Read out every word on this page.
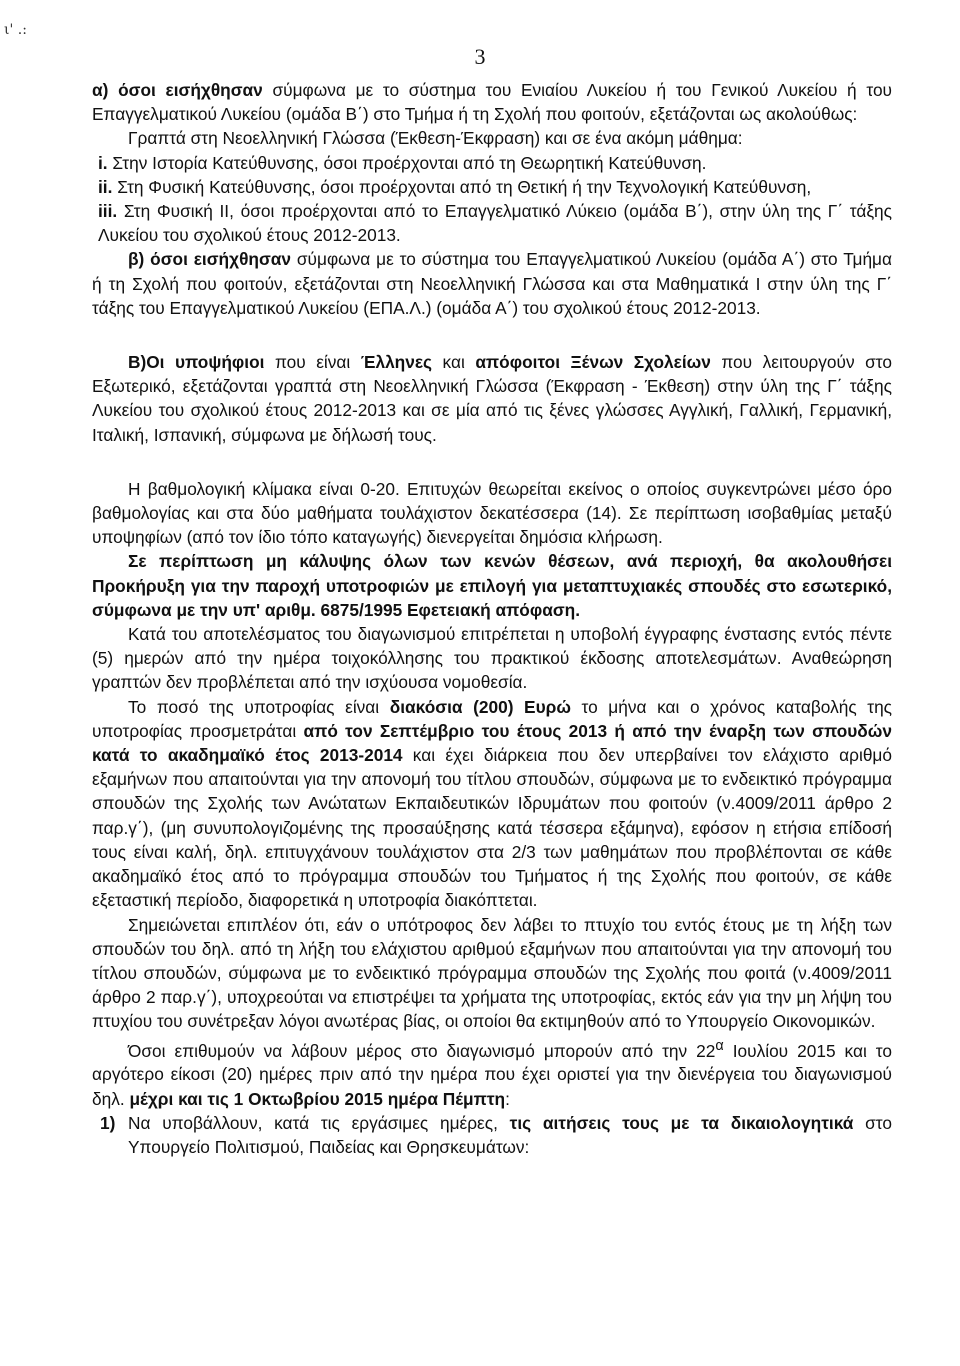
ι' .:
3

α) όσοι εισήχθησαν σύμφωνα με το σύστημα του Ενιαίου Λυκείου ή του Γενικού Λυκείου ή του Επαγγελματικού Λυκείου (ομάδα Β΄) στο Τμήμα ή τη Σχολή που φοιτούν, εξετάζονται ως ακολούθως:

Γραπτά στη Νεοελληνική Γλώσσα (Έκθεση-Έκφραση) και σε ένα ακόμη μάθημα:

i. Στην Ιστορία Κατεύθυνσης, όσοι προέρχονται από τη Θεωρητική Κατεύθυνση.

ii. Στη Φυσική Κατεύθυνσης, όσοι προέρχονται από τη Θετική ή την Τεχνολογική Κατεύθυνση,

iii. Στη Φυσική ΙΙ, όσοι προέρχονται από το Επαγγελματικό Λύκειο (ομάδα Β΄), στην ύλη της Γ΄ τάξης Λυκείου του σχολικού έτους 2012-2013.

β) όσοι εισήχθησαν σύμφωνα με το σύστημα του Επαγγελματικού Λυκείου (ομάδα Α΄) στο Τμήμα ή τη Σχολή που φοιτούν, εξετάζονται στη Νεοελληνική Γλώσσα και στα Μαθηματικά Ι στην ύλη της Γ΄ τάξης του Επαγγελματικού Λυκείου (ΕΠΑ.Λ.) (ομάδα Α΄) του σχολικού έτους 2012-2013.

Β)Οι υποψήφιοι που είναι Έλληνες και απόφοιτοι Ξένων Σχολείων που λειτουργούν στο Εξωτερικό, εξετάζονται γραπτά στη Νεοελληνική Γλώσσα (Έκφραση - Έκθεση) στην ύλη της Γ΄ τάξης Λυκείου του σχολικού έτους 2012-2013 και σε μία από τις ξένες γλώσσες Αγγλική, Γαλλική, Γερμανική, Ιταλική, Ισπανική, σύμφωνα με δήλωσή τους.

Η βαθμολογική κλίμακα είναι 0-20. Επιτυχών θεωρείται εκείνος ο οποίος συγκεντρώνει μέσο όρο βαθμολογίας και στα δύο μαθήματα τουλάχιστον δεκατέσσερα (14). Σε περίπτωση ισοβαθμίας μεταξύ υποψηφίων (από τον ίδιο τόπο καταγωγής) διενεργείται δημόσια κλήρωση.

Σε περίπτωση μη κάλυψης όλων των κενών θέσεων, ανά περιοχή, θα ακολουθήσει Προκήρυξη για την παροχή υποτροφιών με επιλογή για μεταπτυχιακές σπουδές στο εσωτερικό, σύμφωνα με την υπ' αριθμ. 6875/1995 Εφετειακή απόφαση.

Κατά του αποτελέσματος του διαγωνισμού επιτρέπεται η υποβολή έγγραφης ένστασης εντός πέντε (5) ημερών από την ημέρα τοιχοκόλλησης του πρακτικού έκδοσης αποτελεσμάτων. Αναθεώρηση γραπτών δεν προβλέπεται από την ισχύουσα νομοθεσία.

Το ποσό της υποτροφίας είναι διακόσια (200) Ευρώ το μήνα και ο χρόνος καταβολής της υποτροφίας προσμετράται από τον Σεπτέμβριο του έτους 2013 ή από την έναρξη των σπουδών κατά το ακαδημαϊκό έτος 2013-2014 και έχει διάρκεια που δεν υπερβαίνει τον ελάχιστο αριθμό εξαμήνων που απαιτούνται για την απονομή του τίτλου σπουδών, σύμφωνα με το ενδεικτικό πρόγραμμα σπουδών της Σχολής των Ανώτατων Εκπαιδευτικών Ιδρυμάτων που φοιτούν (ν.4009/2011 άρθρο 2 παρ.γ΄), (μη συνυπολογιζομένης της προσαύξησης κατά τέσσερα εξάμηνα), εφόσον η ετήσια επίδοσή τους είναι καλή, δηλ. επιτυγχάνουν τουλάχιστον στα 2/3 των μαθημάτων που προβλέπονται σε κάθε ακαδημαϊκό έτος από το πρόγραμμα σπουδών του Τμήματος ή της Σχολής που φοιτούν, σε κάθε εξεταστική περίοδο, διαφορετικά η υποτροφία διακόπτεται.

Σημειώνεται επιπλέον ότι, εάν ο υπότροφος δεν λάβει το πτυχίο του εντός έτους με τη λήξη των σπουδών του δηλ. από τη λήξη του ελάχιστου αριθμού εξαμήνων που απαιτούνται για την απονομή του τίτλου σπουδών, σύμφωνα με το ενδεικτικό πρόγραμμα σπουδών της Σχολής που φοιτά (ν.4009/2011 άρθρο 2 παρ.γ΄), υποχρεούται να επιστρέψει τα χρήματα της υποτροφίας, εκτός εάν για την μη λήψη του πτυχίου του συνέτρεξαν λόγοι ανωτέρας βίας, οι οποίοι θα εκτιμηθούν από το Υπουργείο Οικονομικών.

Όσοι επιθυμούν να λάβουν μέρος στο διαγωνισμό μπορούν από την $22^\alpha$ Ιουλίου 2015 και το αργότερο είκοσι (20) ημέρες πριν από την ημέρα που έχει οριστεί για την διενέργεια του διαγωνισμού δηλ. μέχρι και τις 1 Οκτωβρίου 2015 ημέρα Πέμπτη:

1) Να υποβάλλουν, κατά τις εργάσιμες ημέρες, τις αιτήσεις τους με τα δικαιολογητικά στο Υπουργείο Πολιτισμού, Παιδείας και Θρησκευμάτων:
